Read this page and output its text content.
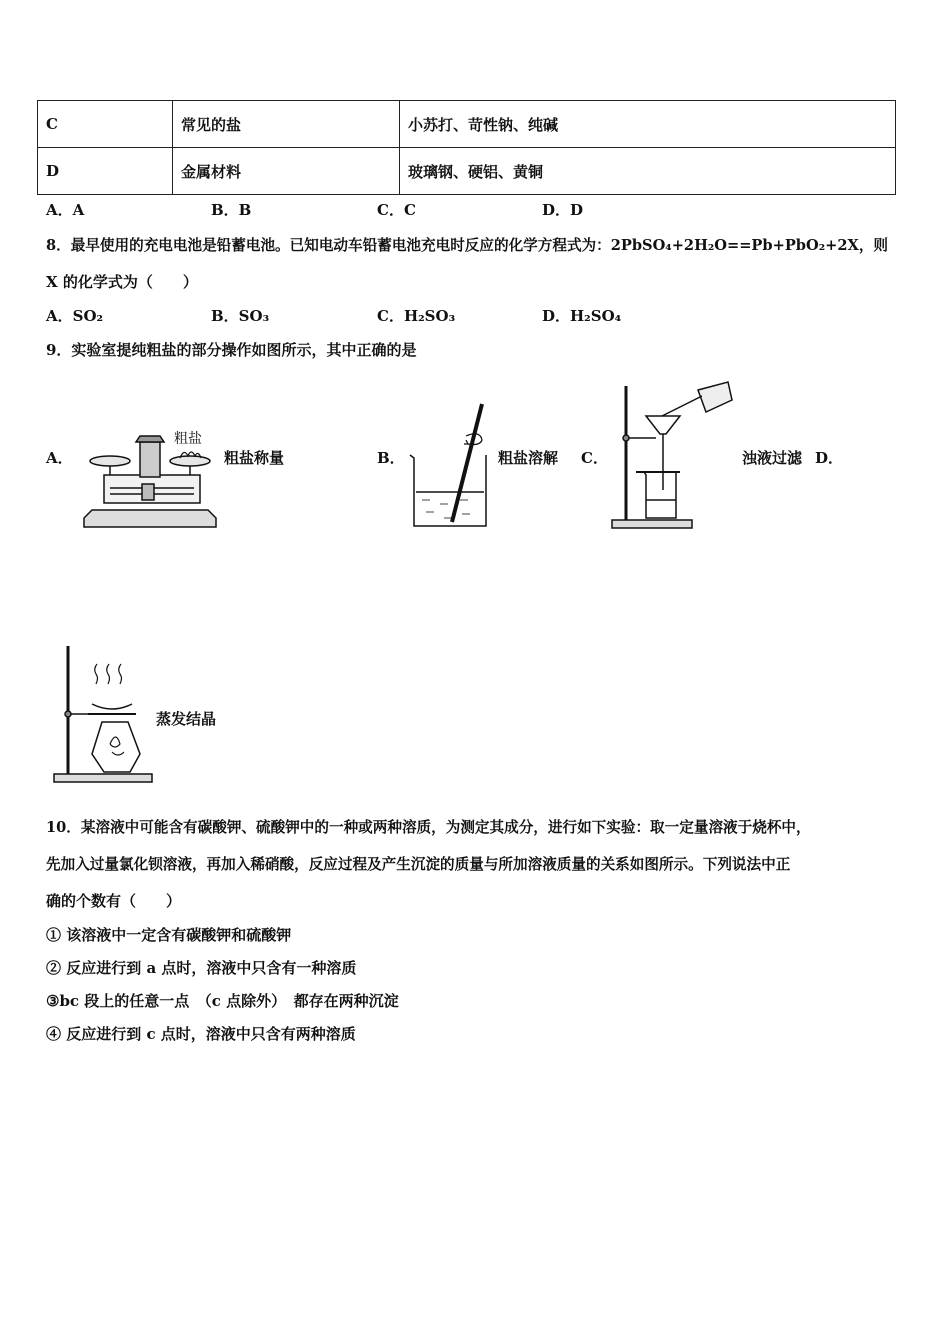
C	常见的盐	小苏打、苛性钠、纯碱
D	金属材料	玻璃钢、硬铝、黄铜
A．A	B．B	C．C	D．D
8．最早使用的充电电池是铅蓄电池。已知电动车铅蓄电池充电时反应的化学方程式为：2PbSO₄+2H₂O==Pb+PbO₂+2X，则
X 的化学式为（　　）
A．SO₂	B．SO₃	C．H₂SO₃	D．H₂SO₄
9．实验室提纯粗盐的部分操作如图所示，其中正确的是
A．	粗盐称量	B．	粗盐溶解 C．	浊液过滤 D．
蒸发结晶
粗盐
10．某溶液中可能含有碳酸钾、硫酸钾中的一种或两种溶质，为测定其成分，进行如下实验：取一定量溶液于烧杯中，
先加入过量氯化钡溶液，再加入稀硝酸，反应过程及产生沉淀的质量与所加溶液质量的关系如图所示。下列说法中正
确的个数有（　　）
① 该溶液中一定含有碳酸钾和硫酸钾
② 反应进行到 a 点时，溶液中只含有一种溶质
③bc 段上的任意一点　（c 点除外）　都存在两种沉淀
④ 反应进行到 c 点时，溶液中只含有两种溶质
